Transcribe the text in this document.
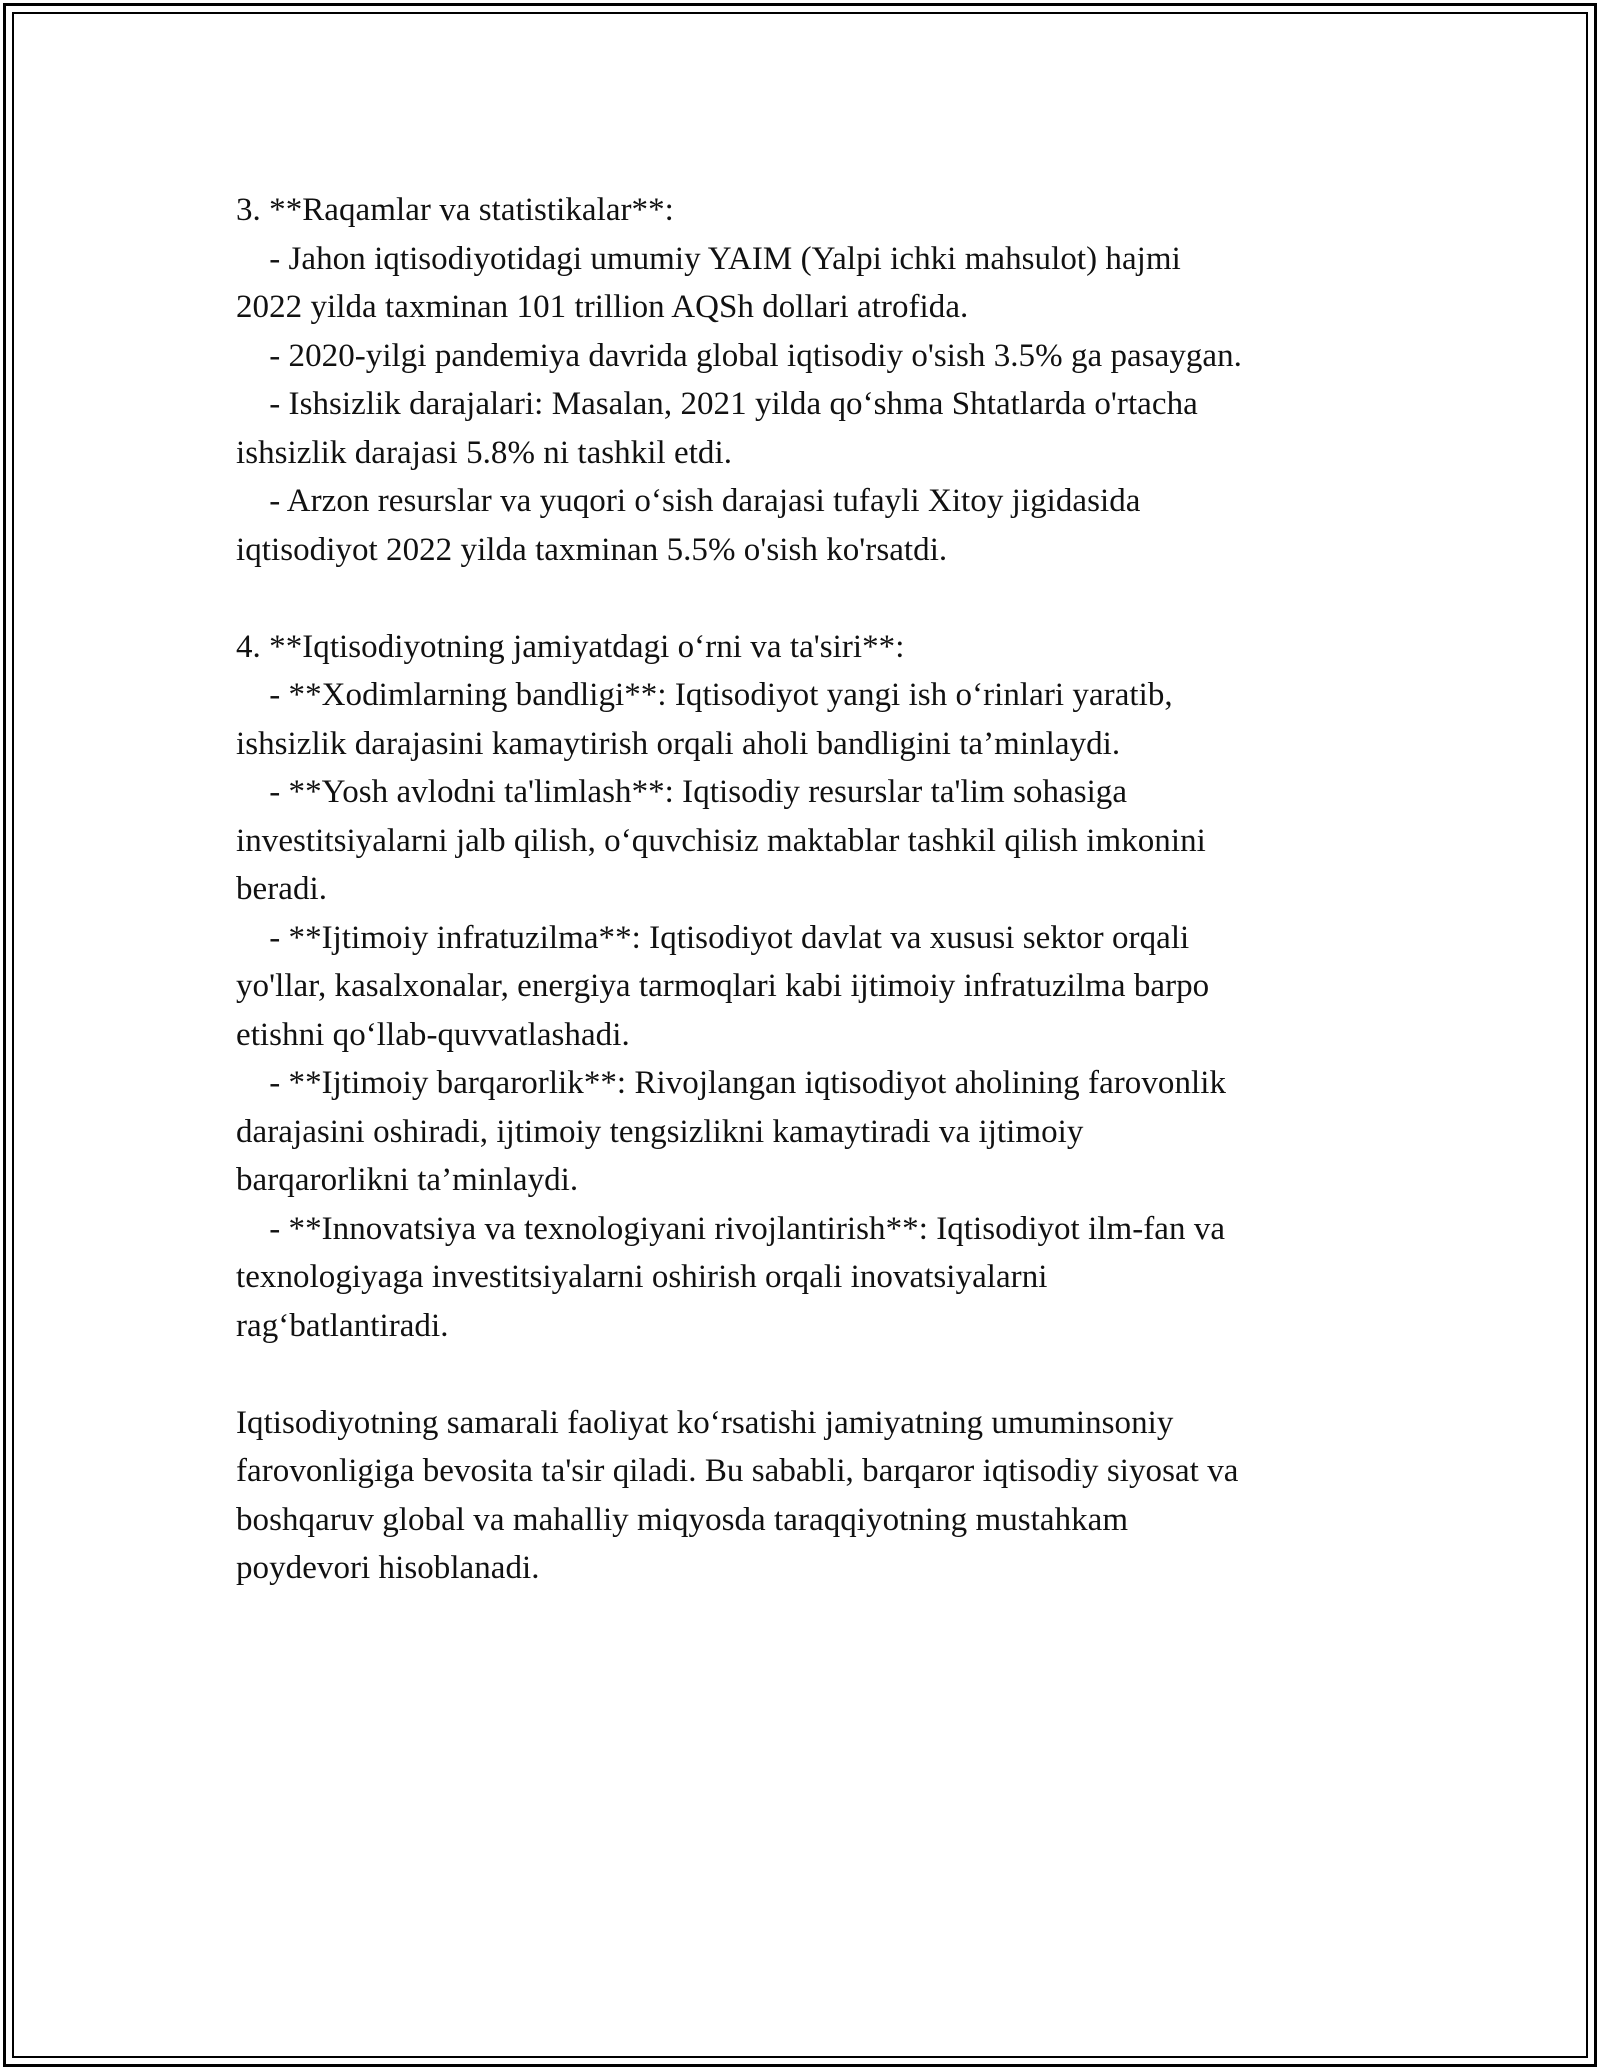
3. **Raqamlar va statistikalar**:
- Jahon iqtisodiyotidagi umumiy YAIM (Yalpi ichki mahsulot) hajmi
2022 yilda taxminan 101 trillion AQSh dollari atrofida.
- 2020-yilgi pandemiya davrida global iqtisodiy o'sish 3.5% ga pasaygan.
- Ishsizlik darajalari: Masalan, 2021 yilda qo‘shma Shtatlarda o'rtacha
ishsizlik darajasi 5.8% ni tashkil etdi.
- Arzon resurslar va yuqori o‘sish darajasi tufayli Xitoy jigidasida
iqtisodiyot 2022 yilda taxminan 5.5% o'sish ko'rsatdi.
4. **Iqtisodiyotning jamiyatdagi o‘rni va ta'siri**:
- **Xodimlarning bandligi**: Iqtisodiyot yangi ish o‘rinlari yaratib,
ishsizlik darajasini kamaytirish orqali aholi bandligini ta’minlaydi.
- **Yosh avlodni ta'limlash**: Iqtisodiy resurslar ta'lim sohasiga
investitsiyalarni jalb qilish, o‘quvchisiz maktablar tashkil qilish imkonini
beradi.
- **Ijtimoiy infratuzilma**: Iqtisodiyot davlat va xususi sektor orqali
yo'llar, kasalxonalar, energiya tarmoqlari kabi ijtimoiy infratuzilma barpo
etishni qo‘llab-quvvatlashadi.
- **Ijtimoiy barqarorlik**: Rivojlangan iqtisodiyot aholining farovonlik
darajasini oshiradi, ijtimoiy tengsizlikni kamaytiradi va ijtimoiy
barqarorlikni ta’minlaydi.
- **Innovatsiya va texnologiyani rivojlantirish**: Iqtisodiyot ilm-fan va
texnologiyaga investitsiyalarni oshirish orqali inovatsiyalarni
rag‘batlantiradi.
Iqtisodiyotning samarali faoliyat ko‘rsatishi jamiyatning umuminsoniy
farovonligiga bevosita ta'sir qiladi. Bu sababli, barqaror iqtisodiy siyosat va
boshqaruv global va mahalliy miqyosda taraqqiyotning mustahkam
poydevori hisoblanadi.
